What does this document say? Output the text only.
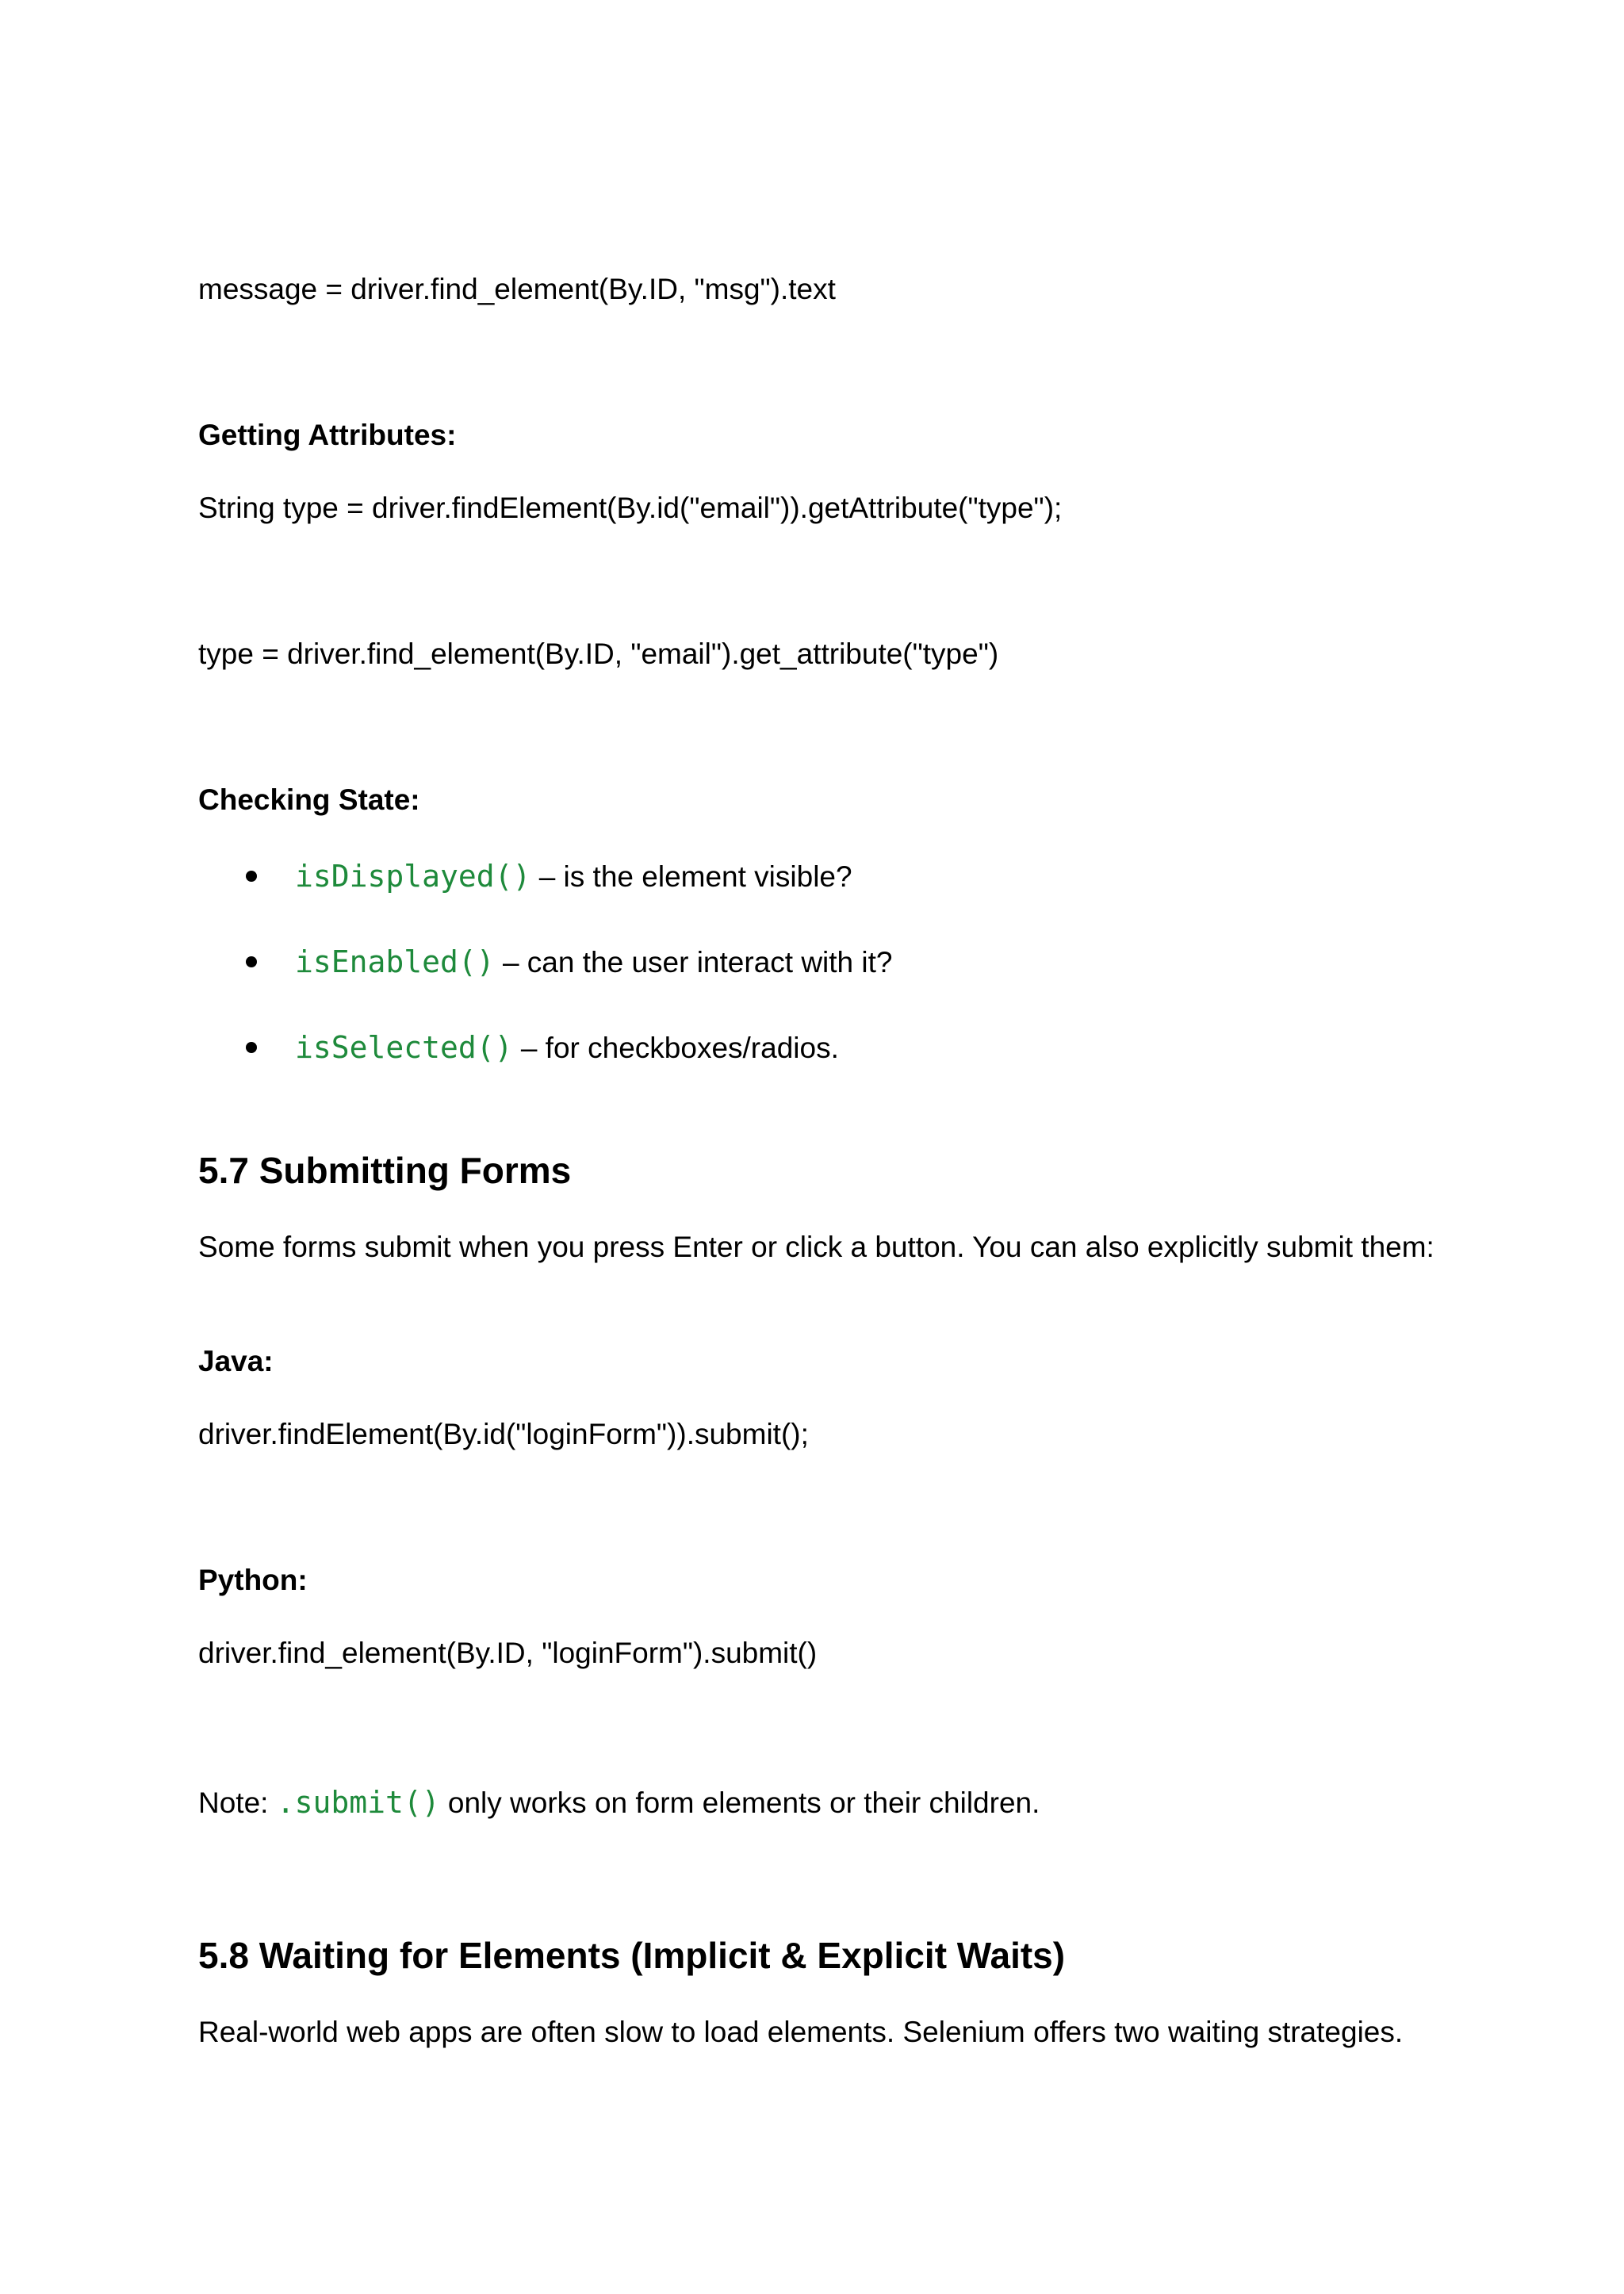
message = driver.find_element(By.ID, "msg").text
Getting Attributes:
String type = driver.findElement(By.id("email")).getAttribute("type");
type = driver.find_element(By.ID, "email").get_attribute("type")
Checking State:
isDisplayed() – is the element visible?
isEnabled() – can the user interact with it?
isSelected() – for checkboxes/radios.
5.7 Submitting Forms
Some forms submit when you press Enter or click a button. You can also explicitly submit them:
Java:
driver.findElement(By.id("loginForm")).submit();
Python:
driver.find_element(By.ID, "loginForm").submit()
Note: .submit() only works on form elements or their children.
5.8 Waiting for Elements (Implicit & Explicit Waits)
Real-world web apps are often slow to load elements. Selenium offers two waiting strategies.
